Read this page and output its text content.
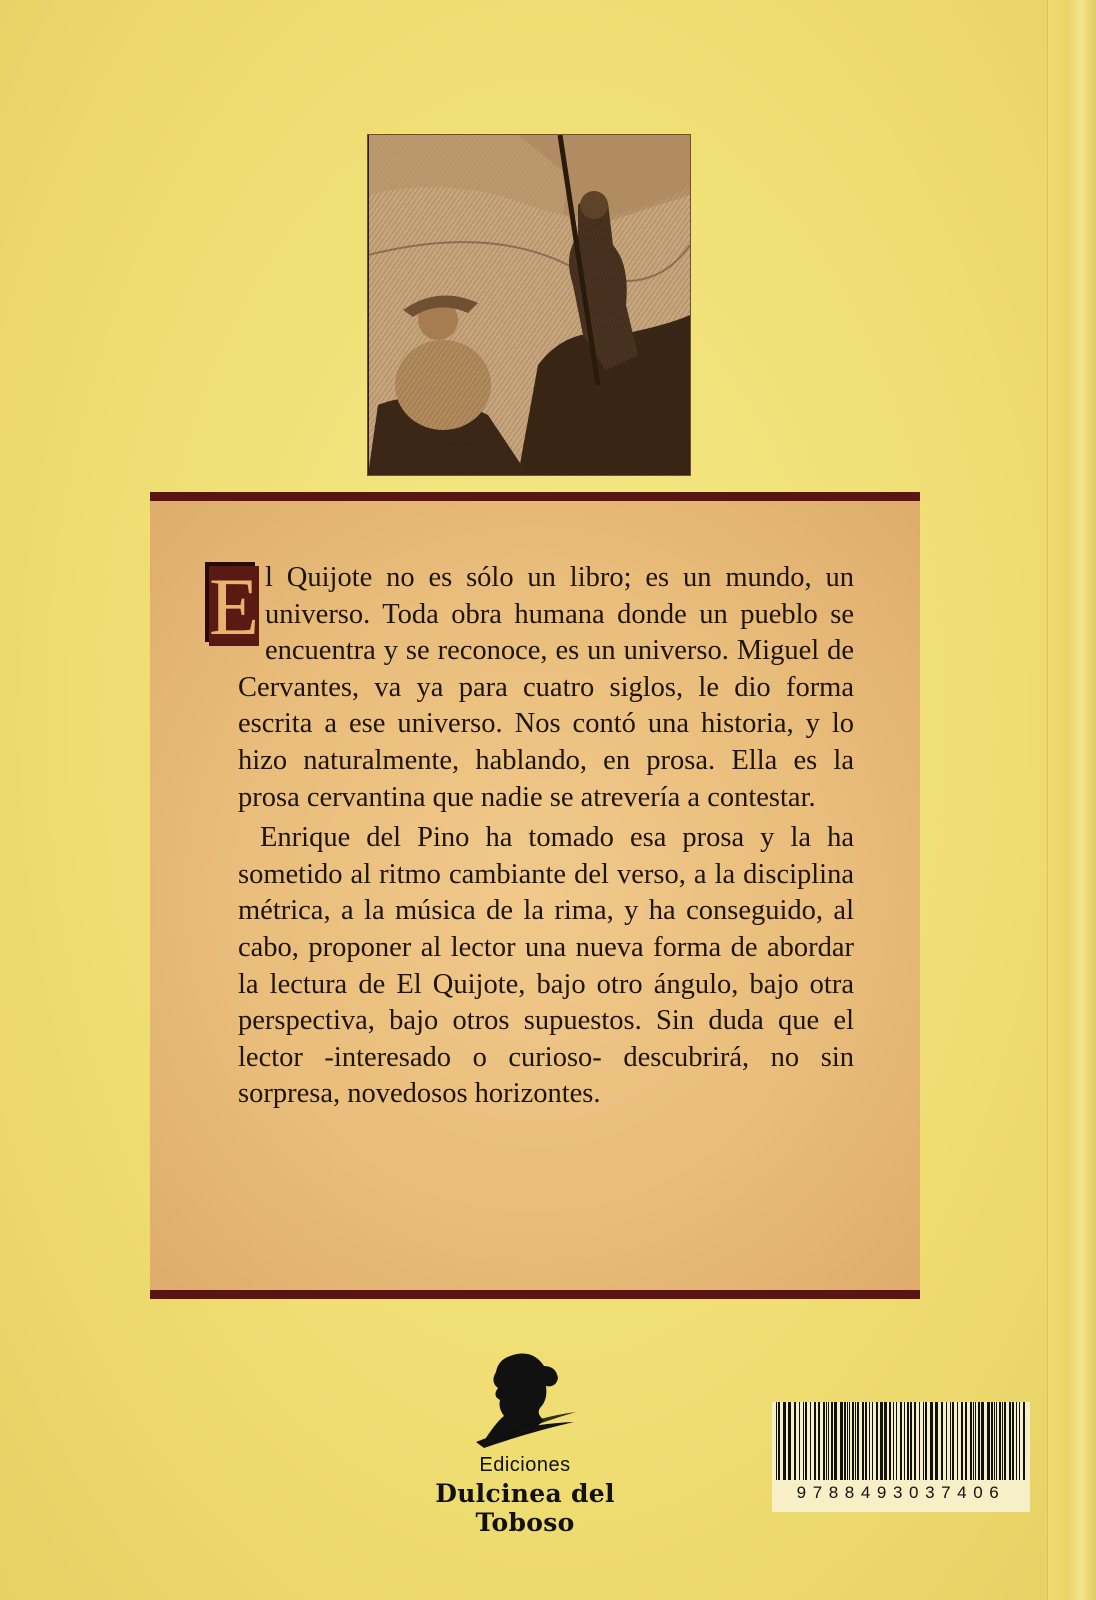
E l Quijote no es sólo un libro; es un mundo, un universo. Toda obra humana donde un pueblo se encuentra y se reconoce, es un universo. Miguel de Cervantes, va ya para cuatro siglos, le dio forma escrita a ese universo. Nos contó una historia, y lo hizo naturalmente, hablando, en prosa. Ella es la prosa cervantina que nadie se atrevería a contestar.

Enrique del Pino ha tomado esa prosa y la ha sometido al ritmo cambiante del verso, a la disciplina métrica, a la música de la rima, y ha conseguido, al cabo, proponer al lector una nueva forma de abordar la lectura de El Quijote, bajo otro ángulo, bajo otra perspectiva, bajo otros supuestos. Sin duda que el lector -interesado o curioso- descubrirá, no sin sorpresa, novedosos horizontes.

Ediciones
Dulcinea del Toboso
9788493037406
